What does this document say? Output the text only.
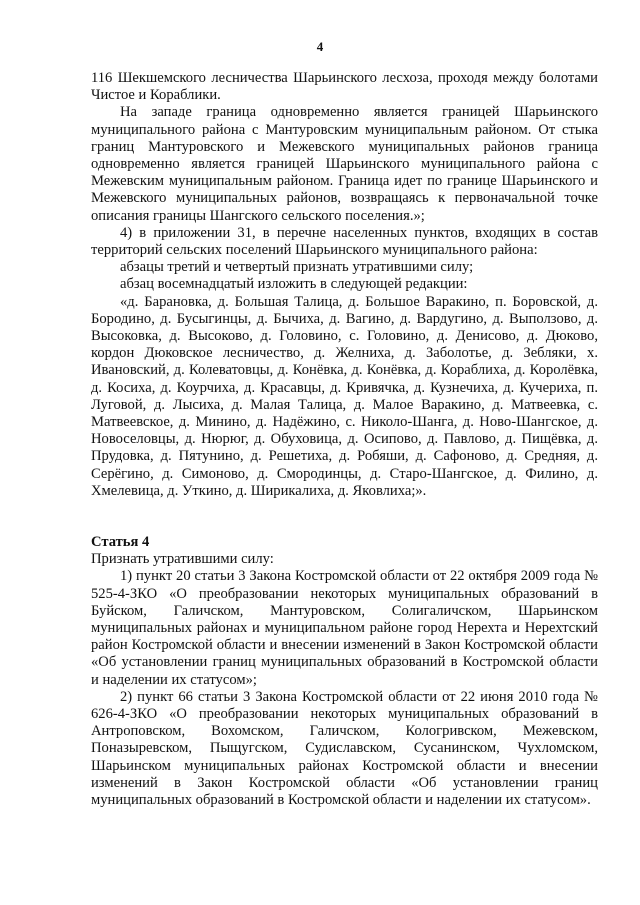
4

116 Шекшемского лесничества Шарьинского лесхоза, проходя между болотами Чистое и Кораблики.

На западе граница одновременно является границей Шарьинского муниципального района с Мантуровским муниципальным районом. От стыка границ Мантуровского и Межевского муниципальных районов граница одновременно является границей Шарьинского муниципального района с Межевским муниципальным районом. Граница идет по границе Шарьинского и Межевского муниципальных районов, возвращаясь к первоначальной точке описания границы Шангского сельского поселения.»;

4) в приложении 31, в перечне населенных пунктов, входящих в состав территорий сельских поселений Шарьинского муниципального района:

абзацы третий и четвертый признать утратившими силу;

абзац восемнадцатый изложить в следующей редакции:

«д. Барановка, д. Большая Талица, д. Большое Варакино, п. Боровской, д. Бородино, д. Бусыгинцы, д. Бычиха, д. Вагино, д. Вардугино, д. Выползово, д. Высоковка, д. Высоково, д. Головино, с. Головино, д. Денисово, д. Дюково, кордон Дюковское лесничество, д. Желниха, д. Заболотье, д. Зебляки, х. Ивановский, д. Колеватовцы, д. Конёвка, д. Конёвка, д. Кораблиха, д. Королёвка, д. Косиха, д. Коурчиха, д. Красавцы, д. Кривячка, д. Кузнечиха, д. Кучериха, п. Луговой, д. Лысиха, д. Малая Талица, д. Малое Варакино, д. Матвеевка, с. Матвеевское, д. Минино, д. Надёжино, с. Николо-Шанга, д. Ново-Шангское, д. Новоселовцы, д. Нюрюг, д. Обуховица, д. Осипово, д. Павлово, д. Пищёвка, д. Прудовка, д. Пятунино, д. Решетиха, д. Робяши, д. Сафоново, д. Средняя, д. Серёгино, д. Симоново, д. Смородинцы, д. Старо-Шангское, д. Филино, д. Хмелевица, д. Уткино, д. Ширикалиха, д. Яковлиха;».

Статья 4

Признать утратившими силу:

1) пункт 20 статьи 3 Закона Костромской области от 22 октября 2009 года № 525-4-ЗКО «О преобразовании некоторых муниципальных образований в Буйском, Галичском, Мантуровском, Солигаличском, Шарьинском муниципальных районах и муниципальном районе город Нерехта и Нерехтский район Костромской области и внесении изменений в Закон Костромской области «Об установлении границ муниципальных образований в Костромской области и наделении их статусом»;

2) пункт 66 статьи 3 Закона Костромской области от 22 июня 2010 года № 626-4-ЗКО «О преобразовании некоторых муниципальных образований в Антроповском, Вохомском, Галичском, Кологривском, Межевском, Поназыревском, Пыщугском, Судиславском, Сусанинском, Чухломском, Шарьинском муниципальных районах Костромской области и внесении изменений в Закон Костромской области «Об установлении границ муниципальных образований в Костромской области и наделении их статусом».
